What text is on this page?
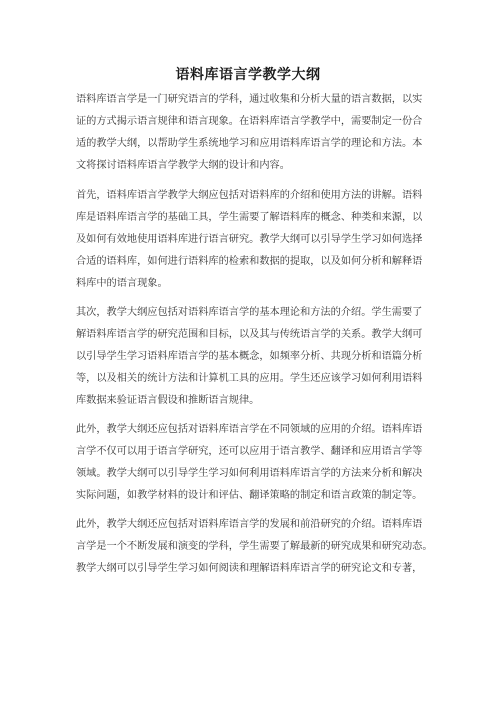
语料库语言学教学大纲
语料库语言学是一门研究语言的学科，通过收集和分析大量的语言数据，以实
证的方式揭示语言规律和语言现象。在语料库语言学教学中，需要制定一份合
适的教学大纲，以帮助学生系统地学习和应用语料库语言学的理论和方法。本
文将探讨语料库语言学教学大纲的设计和内容。
首先，语料库语言学教学大纲应包括对语料库的介绍和使用方法的讲解。语料
库是语料库语言学的基础工具，学生需要了解语料库的概念、种类和来源，以
及如何有效地使用语料库进行语言研究。教学大纲可以引导学生学习如何选择
合适的语料库，如何进行语料库的检索和数据的提取，以及如何分析和解释语
料库中的语言现象。
其次，教学大纲应包括对语料库语言学的基本理论和方法的介绍。学生需要了
解语料库语言学的研究范围和目标，以及其与传统语言学的关系。教学大纲可
以引导学生学习语料库语言学的基本概念，如频率分析、共现分析和语篇分析
等，以及相关的统计方法和计算机工具的应用。学生还应该学习如何利用语料
库数据来验证语言假设和推断语言规律。
此外，教学大纲还应包括对语料库语言学在不同领域的应用的介绍。语料库语
言学不仅可以用于语言学研究，还可以应用于语言教学、翻译和应用语言学等
领域。教学大纲可以引导学生学习如何利用语料库语言学的方法来分析和解决
实际问题，如教学材料的设计和评估、翻译策略的制定和语言政策的制定等。
此外，教学大纲还应包括对语料库语言学的发展和前沿研究的介绍。语料库语
言学是一个不断发展和演变的学科，学生需要了解最新的研究成果和研究动态。
教学大纲可以引导学生学习如何阅读和理解语料库语言学的研究论文和专著，
